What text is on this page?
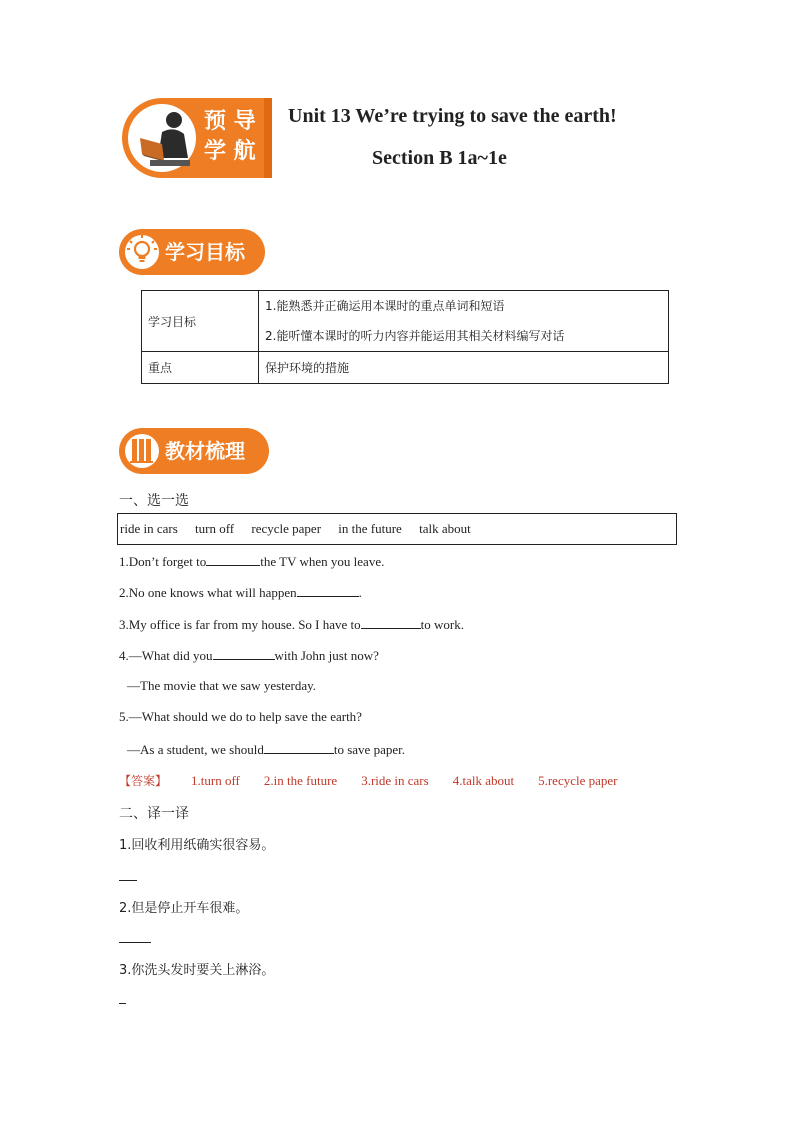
预 导
学 航
Unit 13 We’re trying to save the earth!
Section B 1a~1e
学习目标
学习目标	1.能熟悉并正确运用本课时的重点单词和短语
2.能听懂本课时的听力内容并能运用其相关材料编写对话

重点	保护环境的措施
教材梳理
一、选一选
ride in cars turn off recycle paper in the future talk about
1.Don’t forget to	the TV when you leave.
2.No one knows what will happen	.
3.My office is far from my house. So I have to	to work.
4.—What did you	with John just now?
—The movie that we saw yesterday.
5.—What should we do to help save the earth?
—As a student, we should	to save paper.
【答案】 1.turn off 2.in the future 3.ride in cars 4.talk about 5.recycle paper
二、译一译
1.回收利用纸确实很容易。
2.但是停止开车很难。
3.你洗头发时要关上淋浴。
